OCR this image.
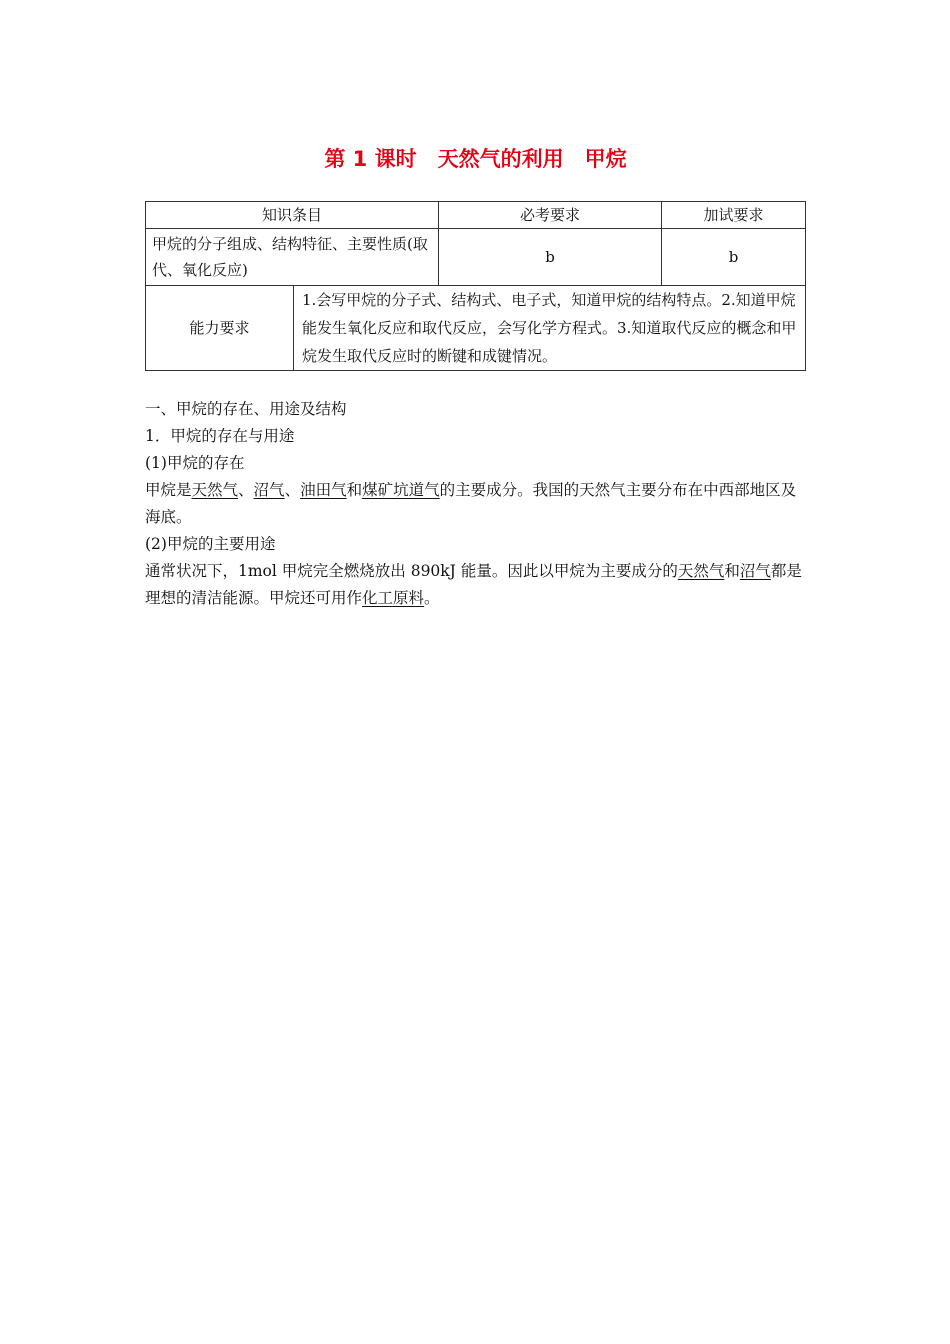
第 1 课时　天然气的利用　甲烷
知识条目	必考要求	加试要求
甲烷的分子组成、结构特征、主要性质(取代、氧化反应)	b	b

能力要求	1.会写甲烷的分子式、结构式、电子式，知道甲烷的结构特点。2.知道甲烷能发生氧化反应和取代反应，会写化学方程式。3.知道取代反应的概念和甲烷发生取代反应时的断键和成键情况。

一、甲烷的存在、用途及结构

1．甲烷的存在与用途

(1)甲烷的存在

甲烷是天然气、沼气、油田气和煤矿坑道气的主要成分。我国的天然气主要分布在中西部地区及海底。

(2)甲烷的主要用途

通常状况下，1mol 甲烷完全燃烧放出 890kJ 能量。因此以甲烷为主要成分的天然气和沼气都是理想的清洁能源。甲烷还可用作化工原料。
